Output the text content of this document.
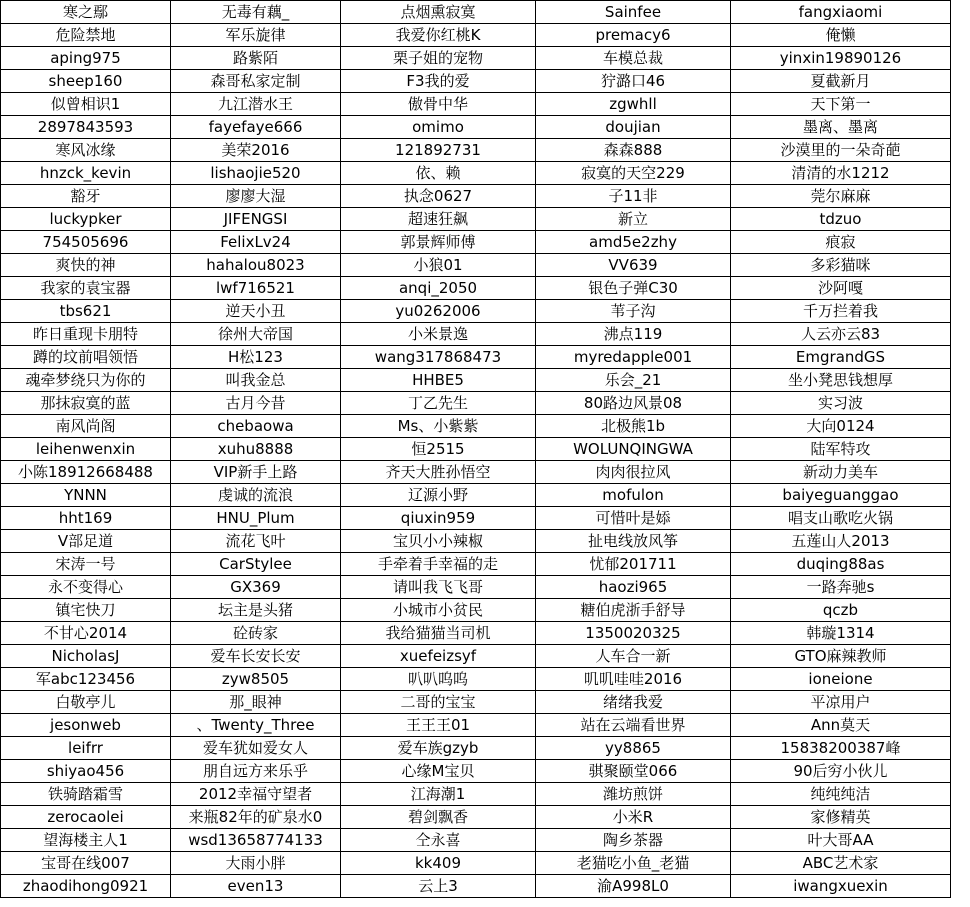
寒之鄢	无毒有藕_	点烟熏寂寞	Sainfee	fangxiaomi
危险禁地	军乐旋律	我爱你红桃K	premacy6	俺懒
aping975	路紫陌	栗子姐的宠物	车模总裁	yinxin19890126
sheep160	森哥私家定制	F3我的爱	狞潞口46	夏截新月
似曾相识1	九江潜水王	傲骨中华	zgwhll	天下第一
2897843593	fayefaye666	omimo	doujian	墨离、墨离
寒风冰缘	美荣2016	121892731	森森888	沙漠里的一朵奇葩
hnzck_kevin	lishaojie520	依、赖	寂寞的天空229	清清的水1212
豁牙	廖廖大湿	执念0627	子11非	莞尔麻麻
luckypker	JIFENGSI	超速狂飙	新立	tdzuo
754505696	FelixLv24	郭景辉师傅	amd5e2zhy	痕寂
爽快的神	hahalou8023	小狼01	VV639	多彩猫咪
我家的袁宝器	lwf716521	anqi_2050	银色子弹C30	沙阿嘎
tbs621	逆天小丑	yu0262006	苇子沟	千万拦着我
昨日重现卡朋特	徐州大帝国	小米景逸	沸点119	人云亦云83
蹲的坟前唱领悟	H松123	wang317868473	myredapple001	EmgrandGS
魂牵梦绕只为你的	叫我金总	HHBE5	乐会_21	坐小凳思钱想厚
那抹寂寞的蓝	古月今昔	丁乙先生	80路边风景08	实习波
南风尚阁	chebaowa	Ms、小紫紫	北极熊1b	大向0124
leihenwenxin	xuhu8888	恒2515	WOLUNQINGWA	陆军特攻
小陈18912668488	VIP新手上路	齐天大胜孙悟空	肉肉很拉风	新动力美车
YNNN	虔诚的流浪	辽源小野	mofulon	baiyeguanggao
hht169	HNU_Plum	qiuxin959	可惜叶是婖	唱支山歌吃火锅
V部足道	流花飞叶	宝贝小小辣椒	扯电线放风筝	五莲山人2013
宋涛一号	CarStylee	手牵着手幸福的走	忧郁201711	duqing88as
永不变得心	GX369	请叫我飞飞哥	haozi965	一路奔驰s
镇宅快刀	坛主是头猪	小城市小贫民	糖伯虎浙手舒导	qczb
不甘心2014	砼砖家	我给猫猫当司机	1350020325	韩璇1314
NicholasJ	爱车长安长安	xuefeizsyf	人车合一新	GTO麻辣教师
军abc123456	zyw8505	叭叭呜呜	叽叽哇哇2016	ioneione
白敬亭儿	那_眼神	二哥的宝宝	绪绪我爱	平凉用户
jesonweb	、Twenty_Three	王王王01	站在云端看世界	Ann莫天
leifrr	爱车犹如爱女人	爱车族gzyb	yy8865	15838200387峰
shiyao456	朋自远方来乐乎	心缘M宝贝	骐聚颐堂066	90后穷小伙儿
铁骑踏霜雪	2012幸福守望者	江海潮1	潍坊煎饼	纯纯纯洁
zerocaolei	来瓶82年的矿泉水0	碧剑飘香	小米R	家修精英
望海楼主人1	wsd13658774133	仝永喜	陶乡茶器	叶大哥AA
宝哥在线007	大雨小胖	kk409	老猫吃小鱼_老猫	ABC艺术家
zhaodihong0921	even13	云上3	渝A998L0	iwangxuexin
